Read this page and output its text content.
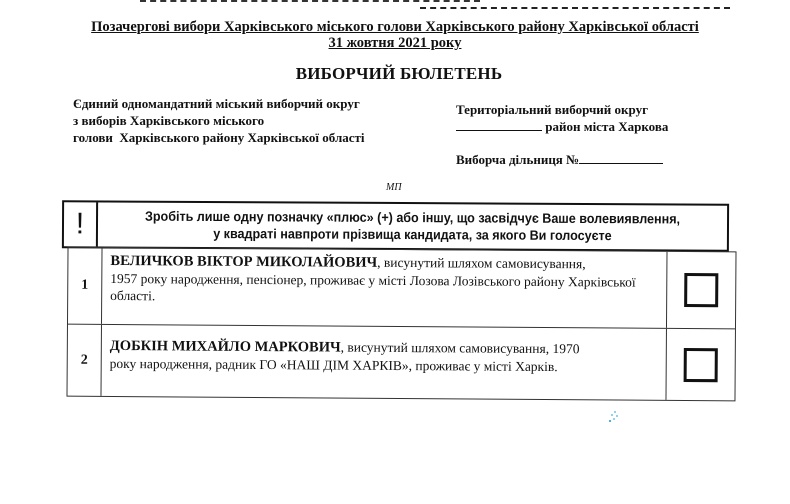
Позачергові вибори Харківського міського голови Харківського району Харківської області
31 жовтня 2021 року
ВИБОРЧИЙ БЮЛЕТЕНЬ
Єдиний одномандатний міський виборчий округ
з виборів Харківського міського
голови  Харківського району Харківської області
Територіальний виборчий округ
район міста Харкова
Виборча дільниця №
МП
!	Зробіть лише одну позначку «плюс» (+) або іншу, що засвідчує Ваше волевиявлення,
у квадраті навпроти прізвища кандидата, за якого Ви голосуєте
1
ВЕЛИЧКОВ ВІКТОР МИКОЛАЙОВИЧ, висунутий шляхом самовисування,
1957 року народження, пенсіонер, проживає у місті Лозова Лозівського району Харківської області.
2
ДОБКІН МИХАЙЛО МАРКОВИЧ, висунутий шляхом самовисування, 1970
року народження, радник ГО «НАШ ДІМ ХАРКІВ», проживає у місті Харків.
